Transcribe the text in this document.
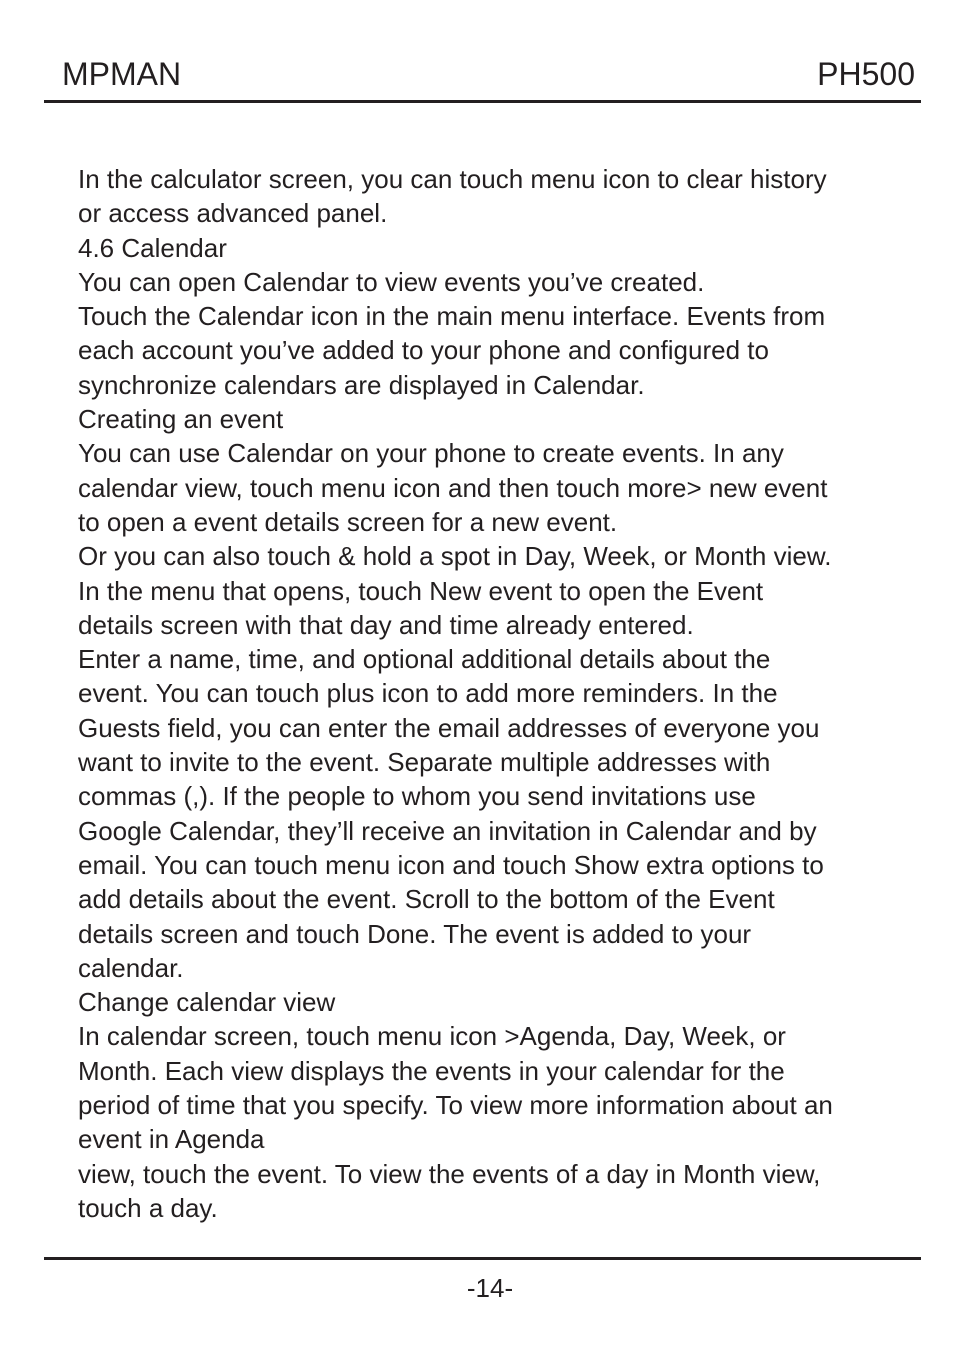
MPMAN	PH500
In the calculator screen, you can touch menu icon to clear history
or access advanced panel.
4.6 Calendar
You can open Calendar to view events you’ve created.
Touch the Calendar icon in the main menu interface. Events from
each account you’ve added to your phone and configured to
synchronize calendars are displayed in Calendar.
Creating an event
You can use Calendar on your phone to create events. In any
calendar view, touch menu icon and then touch more> new event
to open a event details screen for a new event.
Or you can also touch & hold a spot in Day, Week, or Month view.
In the menu that opens, touch New event to open the Event
details screen with that day and time already entered.
Enter a name, time, and optional additional details about the
event. You can touch plus icon to add more reminders. In the
Guests field, you can enter the email addresses of everyone you
want to invite to the event. Separate multiple addresses with
commas (,). If the people to whom you send invitations use
Google Calendar, they’ll receive an invitation in Calendar and by
email. You can touch menu icon and touch Show extra options to
add details about the event. Scroll to the bottom of the Event
details screen and touch Done. The event is added to your
calendar.
Change calendar view
In calendar screen, touch menu icon >Agenda, Day, Week, or
Month. Each view displays the events in your calendar for the
period of time that you specify. To view more information about an
event in Agenda
view, touch the event. To view the events of a day in Month view,
touch a day.
-14-
